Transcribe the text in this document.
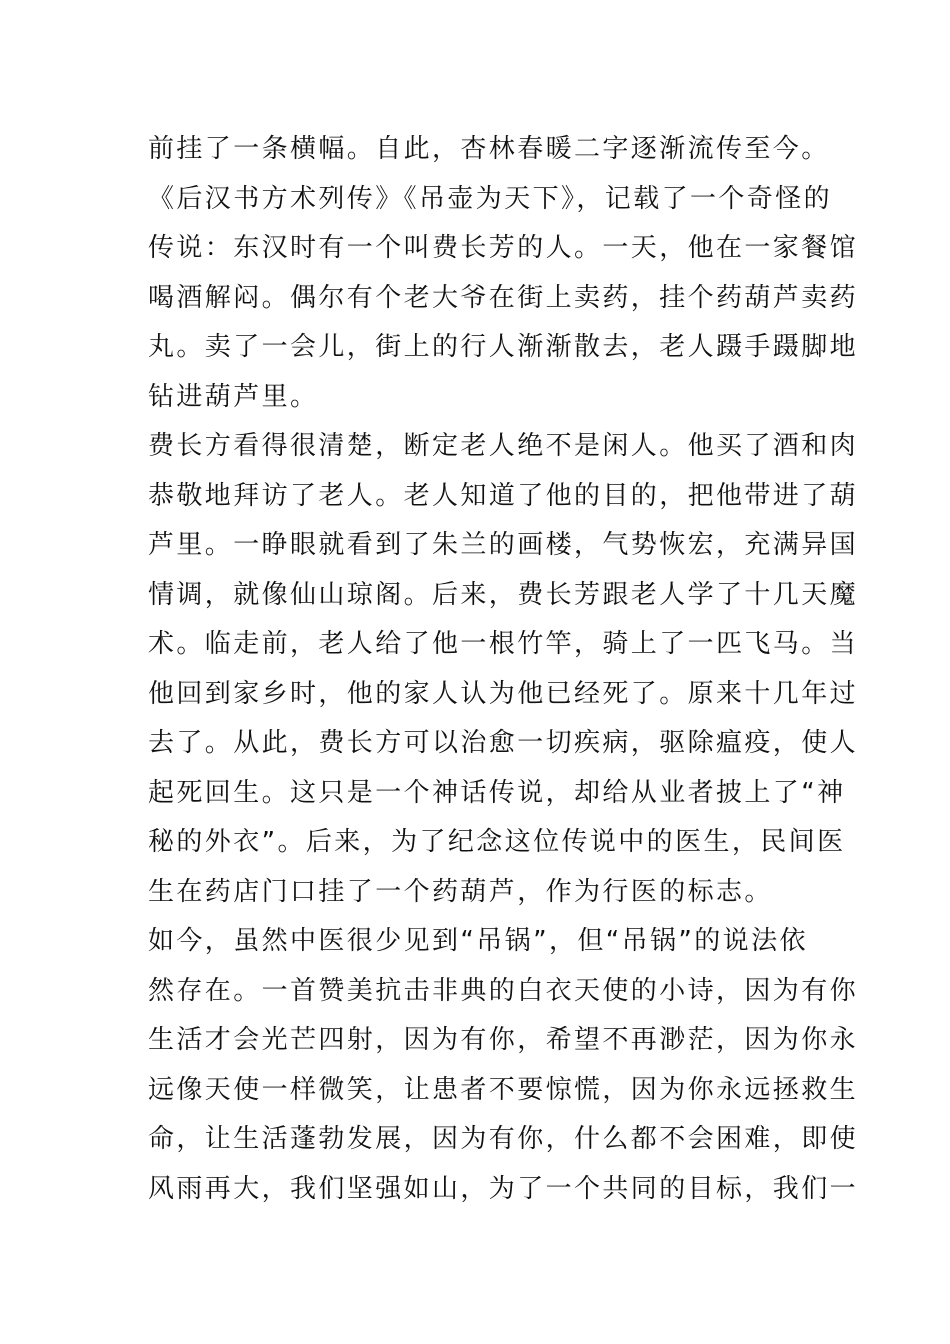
前挂了一条横幅。自此，杏林春暖二字逐渐流传至今。
《后汉书方术列传》《吊壶为天下》，记载了一个奇怪的
传说：东汉时有一个叫费长芳的人。一天，他在一家餐馆
喝酒解闷。偶尔有个老大爷在街上卖药，挂个药葫芦卖药
丸。卖了一会儿，街上的行人渐渐散去，老人蹑手蹑脚地
钻进葫芦里。
费长方看得很清楚，断定老人绝不是闲人。他买了酒和肉
恭敬地拜访了老人。老人知道了他的目的，把他带进了葫
芦里。一睁眼就看到了朱兰的画楼，气势恢宏，充满异国
情调，就像仙山琼阁。后来，费长芳跟老人学了十几天魔
术。临走前，老人给了他一根竹竿，骑上了一匹飞马。当
他回到家乡时，他的家人认为他已经死了。原来十几年过
去了。从此，费长方可以治愈一切疾病，驱除瘟疫，使人
起死回生。这只是一个神话传说，却给从业者披上了“神
秘的外衣”。后来，为了纪念这位传说中的医生，民间医
生在药店门口挂了一个药葫芦，作为行医的标志。
如今，虽然中医很少见到“吊锅”，但“吊锅”的说法依
然存在。一首赞美抗击非典的白衣天使的小诗，因为有你
生活才会光芒四射，因为有你，希望不再渺茫，因为你永
远像天使一样微笑，让患者不要惊慌，因为你永远拯救生
命，让生活蓬勃发展，因为有你，什么都不会困难，即使
风雨再大，我们坚强如山，为了一个共同的目标，我们一
